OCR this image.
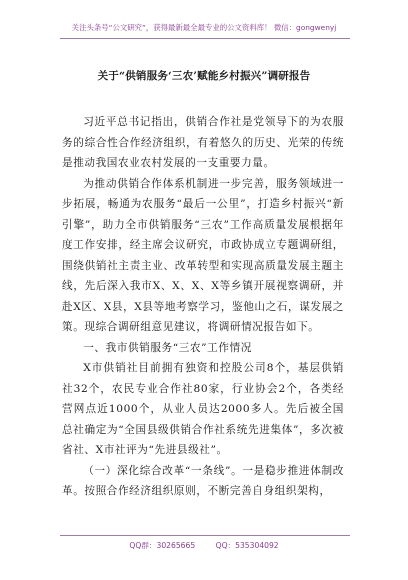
关注头条号“公文研究”，获得最新最全最专业的公文资料库！ 微信：gongwenyj
关于“供销服务‘三农’赋能乡村振兴”调研报告

习近平总书记指出，供销合作社是党领导下的为农服务的综合性合作经济组织，有着悠久的历史、光荣的传统是推动我国农业农村发展的一支重要力量。

为推动供销合作体系机制进一步完善，服务领域进一步拓展，畅通为农服务“最后一公里”，打造乡村振兴“新引擎”，助力全市供销服务“三农”工作高质量发展根据年度工作安排，经主席会议研究，市政协成立专题调研组，围绕供销社主责主业、改革转型和实现高质量发展主题主线，先后深入我市X、X、X、X等乡镇开展视察调研，并赴X区、X县，X县等地考察学习，鉴他山之石，谋发展之策。现综合调研组意见建议，将调研情况报告如下。

一、我市供销服务“三农”工作情况

X市供销社目前拥有独资和控股公司8个，基层供销社32个，农民专业合作社80家，行业协会2个，各类经营网点近1000个，从业人员达2000多人。先后被全国总社确定为“全国县级供销合作社系统先进集体”，多次被省社、X市社评为“先进县级社”。

（一）深化综合改革“一条线”。一是稳步推进体制改革。按照合作经济组织原则，不断完善自身组织架构，

QQ群：30265665	QQ：535304092
